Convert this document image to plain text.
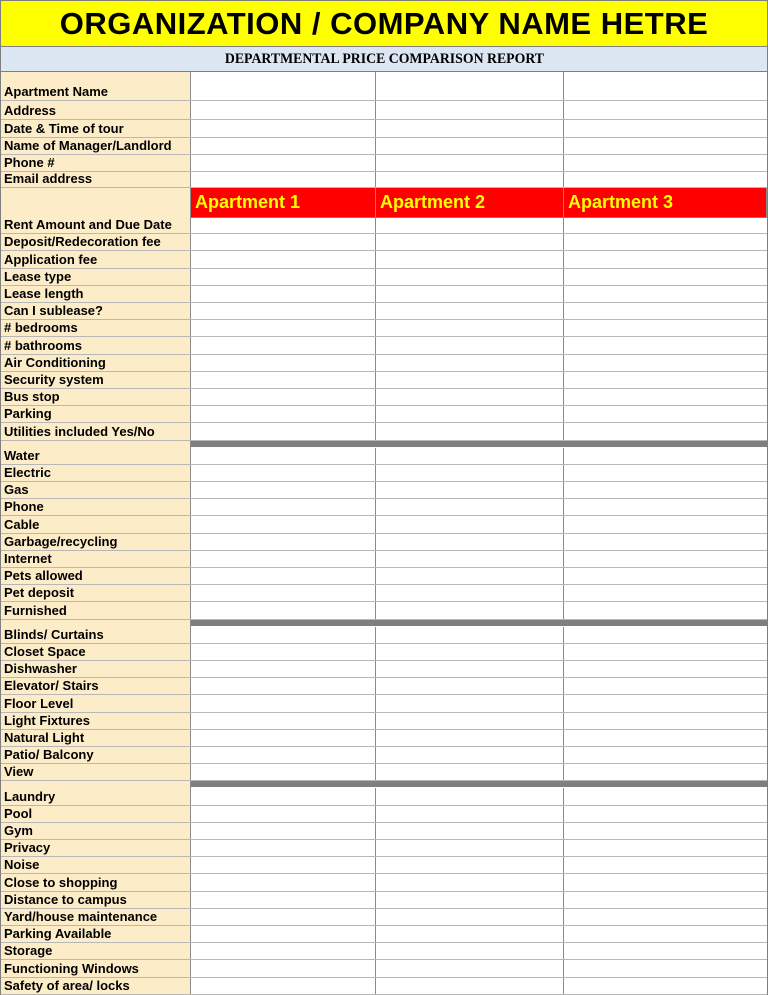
ORGANIZATION / COMPANY NAME HETRE
DEPARTMENTAL PRICE COMPARISON REPORT
Apartment Name
Address
Date & Time of tour
Name of Manager/Landlord
Phone #
Email address
Apartment 1	Apartment 2	Apartment 3
Rent Amount and Due Date
Deposit/Redecoration fee
Application fee
Lease type
Lease length
Can I sublease?
# bedrooms
# bathrooms
Air Conditioning
Security system
Bus stop
Parking
Utilities included Yes/No
Water
Electric
Gas
Phone
Cable
Garbage/recycling
Internet
Pets allowed
Pet deposit
Furnished
Blinds/ Curtains
Closet Space
Dishwasher
Elevator/ Stairs
Floor Level
Light Fixtures
Natural Light
Patio/ Balcony
View
Laundry
Pool
Gym
Privacy
Noise
Close to shopping
Distance to campus
Yard/house maintenance
Parking Available
Storage
Functioning Windows
Safety of area/ locks
